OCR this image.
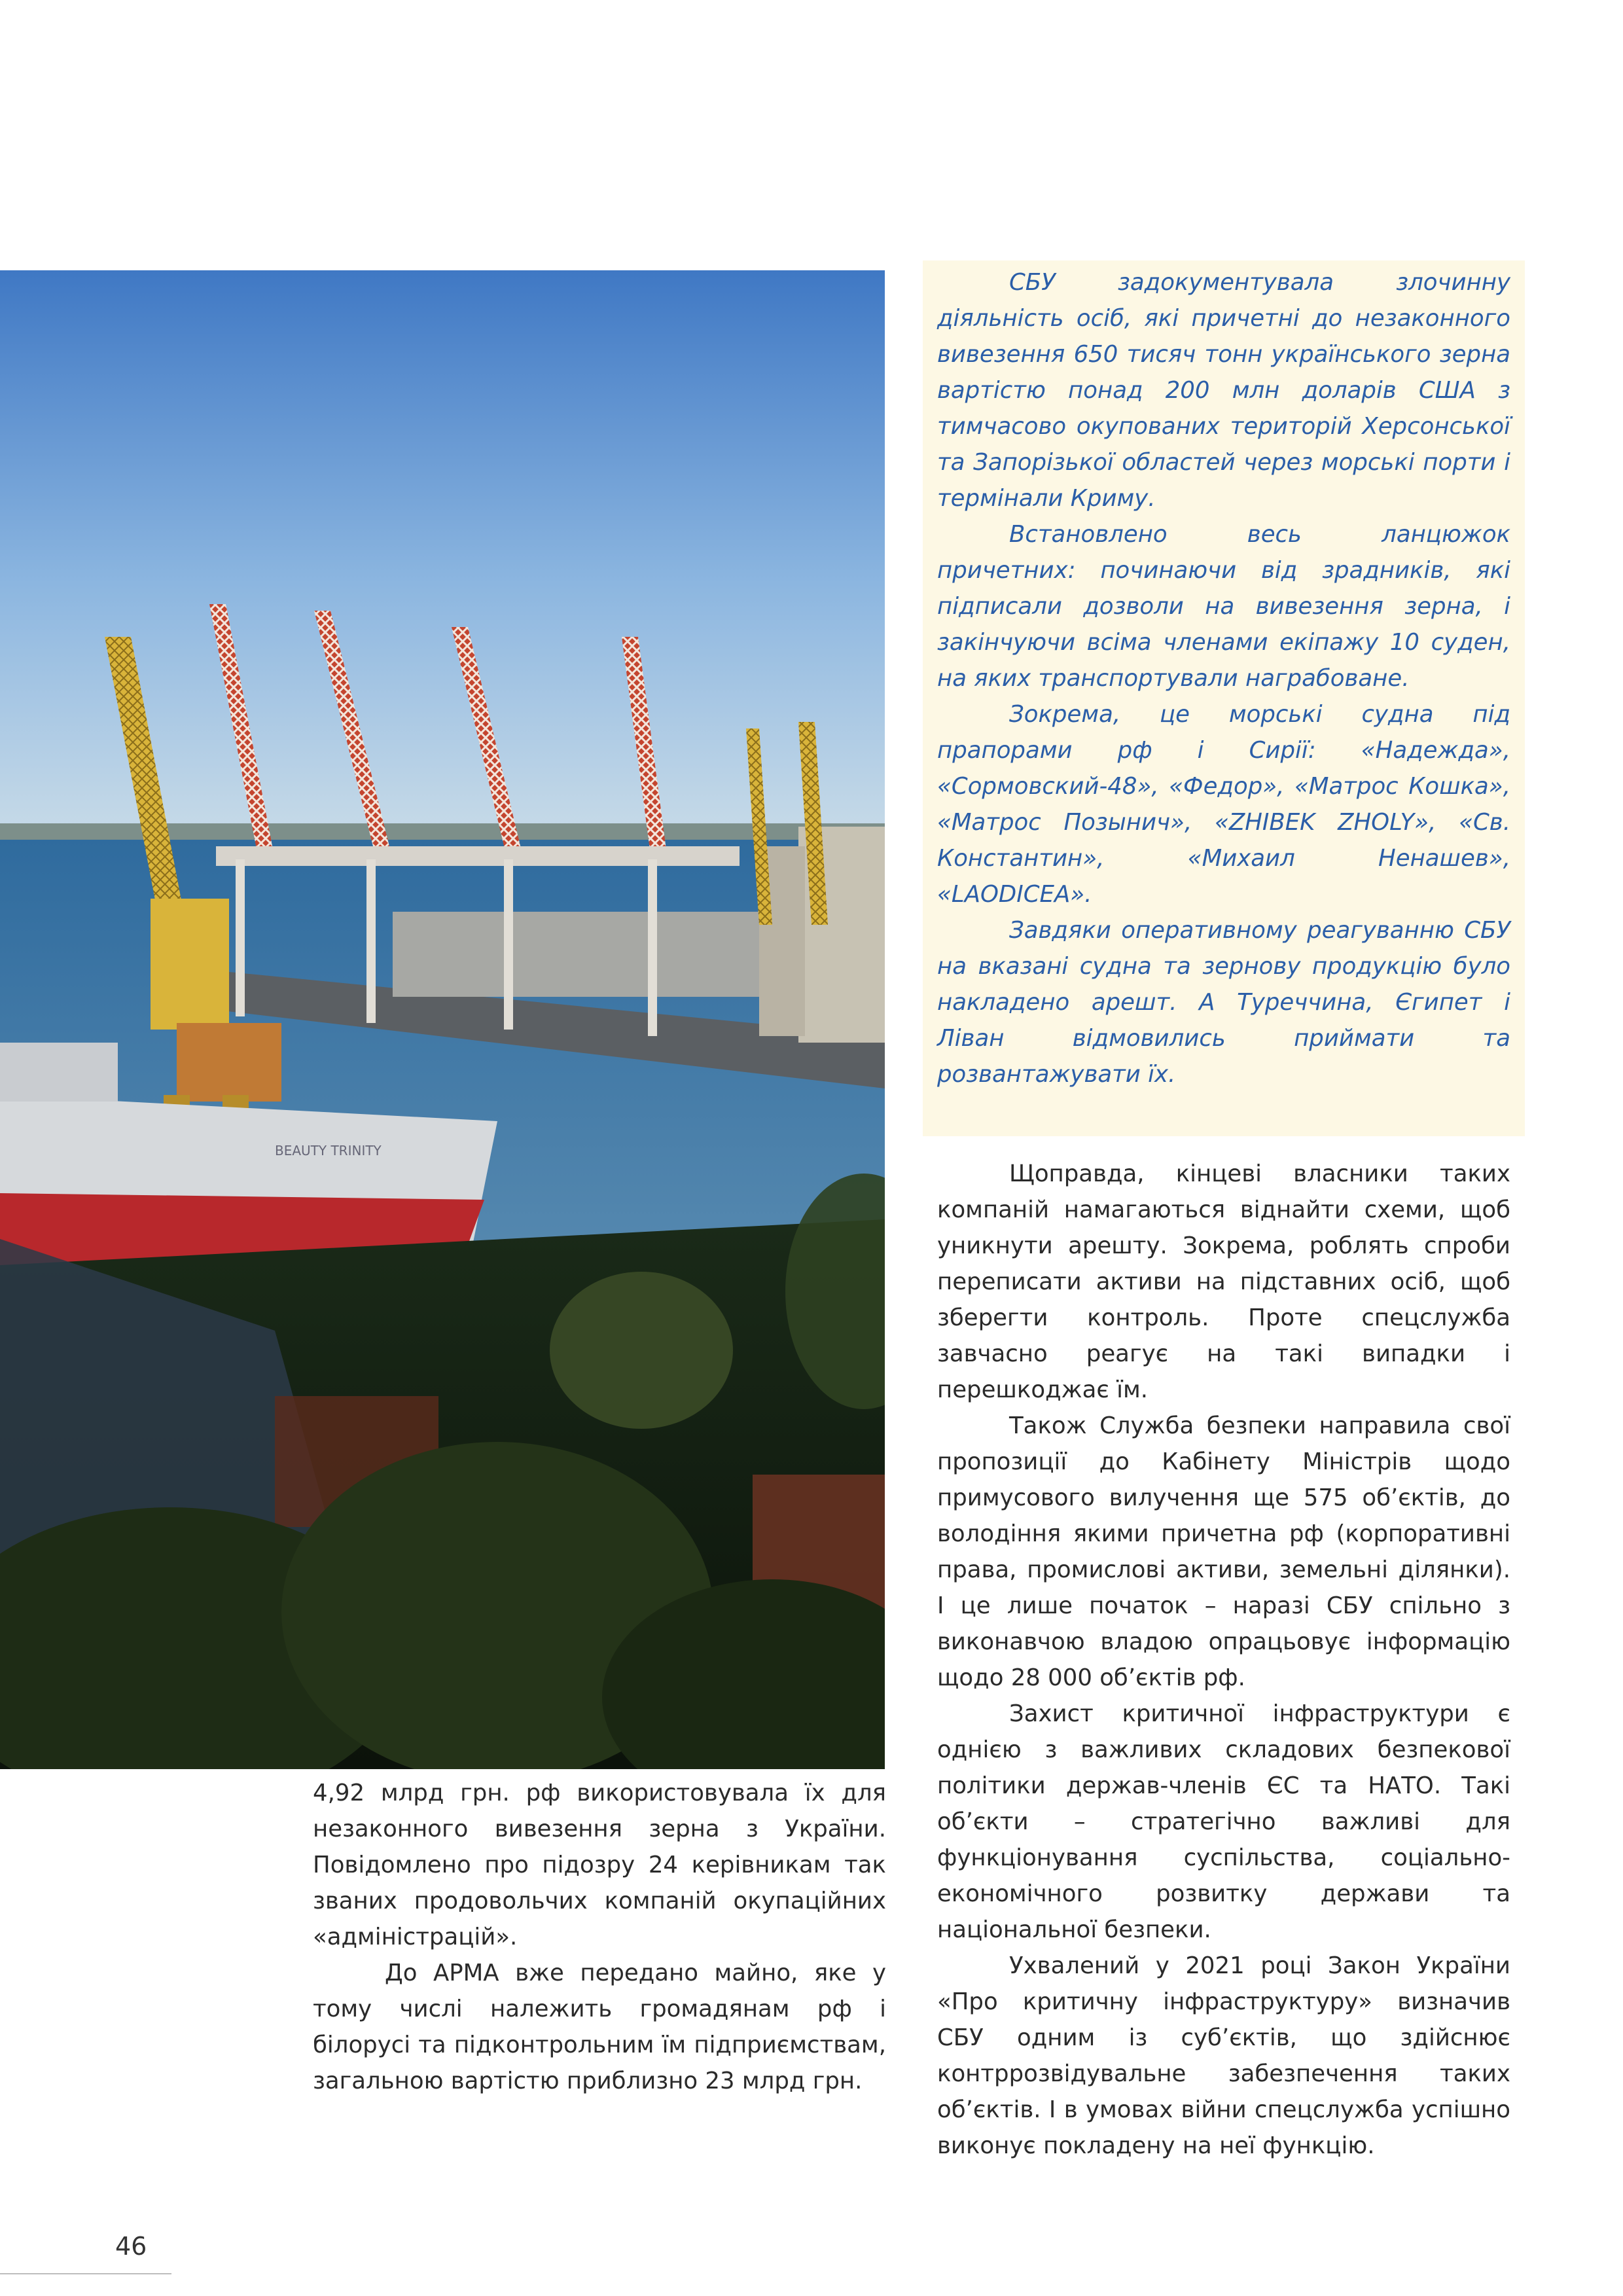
BEAUTY TRINITY

СБУ задокументувала злочинну діяльність осіб, які причетні до незаконного вивезення 650 тисяч тонн українського зерна вартістю понад 200 млн доларів США з тимчасово окупованих територій Херсонської та Запорізької областей через морські порти і термінали Криму.

Встановлено весь ланцюжок причетних: починаючи від зрадників, які підписали дозволи на вивезення зерна, і закінчуючи всіма членами екіпажу 10 суден, на яких транспортували награбоване.

Зокрема, це морські судна під прапорами рф і Сирії: «Надежда», «Сормовский-48», «Федор», «Матрос Кошка», «Матрос Позынич», «ZHIBEK ZHOLY», «Св. Константин», «Михаил Ненашев», «LAODICEA».

Завдяки оперативному реагуванню СБУ на вказані судна та зернову продукцію було накладено арешт. А Туреччина, Єгипет і Ліван відмовились приймати та розвантажувати їх.

Щоправда, кінцеві власники таких компаній намагаються віднайти схеми, щоб уникнути арешту. Зокрема, роблять спроби переписати активи на підставних осіб, щоб зберегти контроль. Проте спецслужба завчасно реагує на такі випадки і перешкоджає їм.

Також Служба безпеки направила свої пропозиції до Кабінету Міністрів щодо примусового вилучення ще 575 обʼєктів, до володіння якими причетна рф (корпоративні права, промислові активи, земельні ділянки). І це лише початок – наразі СБУ спільно з виконавчою владою опрацьовує інформацію щодо 28 000 обʼєктів рф.

Захист критичної інфраструктури є однією з важливих складових безпекової політики держав-членів ЄС та НАТО. Такі обʼєкти – стратегічно важливі для функціонування суспільства, соціально-економічного розвитку держави та національної безпеки.

Ухвалений у 2021 році Закон України «Про критичну інфраструктуру» визначив СБУ одним із субʼєктів, що здійснює контррозвідувальне забезпечення таких обʼєктів. І в умовах війни спецслужба успішно виконує покладену на неї функцію.

4,92 млрд грн. рф використовувала їх для незаконного вивезення зерна з України. Повідомлено про підозру 24 керівникам так званих продовольчих компаній окупаційних «адміністрацій».

До АРМА вже передано майно, яке у тому числі належить громадянам рф і білорусі та підконтрольним їм підприємствам, загальною вартістю приблизно 23 млрд грн.

46
